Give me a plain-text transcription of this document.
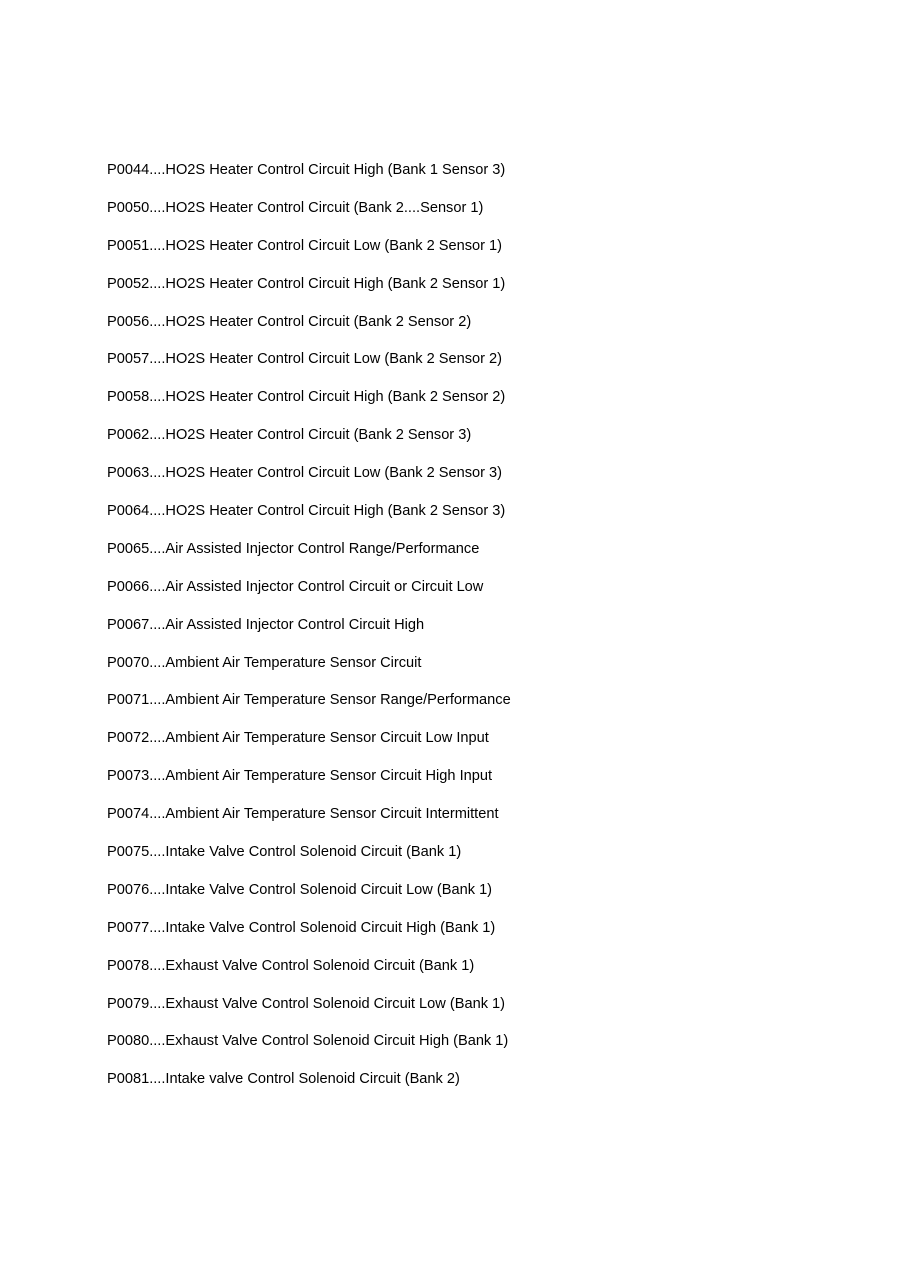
P0044....HO2S Heater Control Circuit High (Bank 1 Sensor 3)
P0050....HO2S Heater Control Circuit (Bank 2....Sensor 1)
P0051....HO2S Heater Control Circuit Low (Bank 2 Sensor 1)
P0052....HO2S Heater Control Circuit High (Bank 2 Sensor 1)
P0056....HO2S Heater Control Circuit (Bank 2 Sensor 2)
P0057....HO2S Heater Control Circuit Low (Bank 2 Sensor 2)
P0058....HO2S Heater Control Circuit High (Bank 2 Sensor 2)
P0062....HO2S Heater Control Circuit (Bank 2 Sensor 3)
P0063....HO2S Heater Control Circuit Low (Bank 2 Sensor 3)
P0064....HO2S Heater Control Circuit High (Bank 2 Sensor 3)
P0065....Air Assisted Injector Control Range/Performance
P0066....Air Assisted Injector Control Circuit or Circuit Low
P0067....Air Assisted Injector Control Circuit High
P0070....Ambient Air Temperature Sensor Circuit
P0071....Ambient Air Temperature Sensor Range/Performance
P0072....Ambient Air Temperature Sensor Circuit Low Input
P0073....Ambient Air Temperature Sensor Circuit High Input
P0074....Ambient Air Temperature Sensor Circuit Intermittent
P0075....Intake Valve Control Solenoid Circuit (Bank 1)
P0076....Intake Valve Control Solenoid Circuit Low (Bank 1)
P0077....Intake Valve Control Solenoid Circuit High (Bank 1)
P0078....Exhaust Valve Control Solenoid Circuit (Bank 1)
P0079....Exhaust Valve Control Solenoid Circuit Low (Bank 1)
P0080....Exhaust Valve Control Solenoid Circuit High (Bank 1)
P0081....Intake valve Control Solenoid Circuit (Bank 2)
